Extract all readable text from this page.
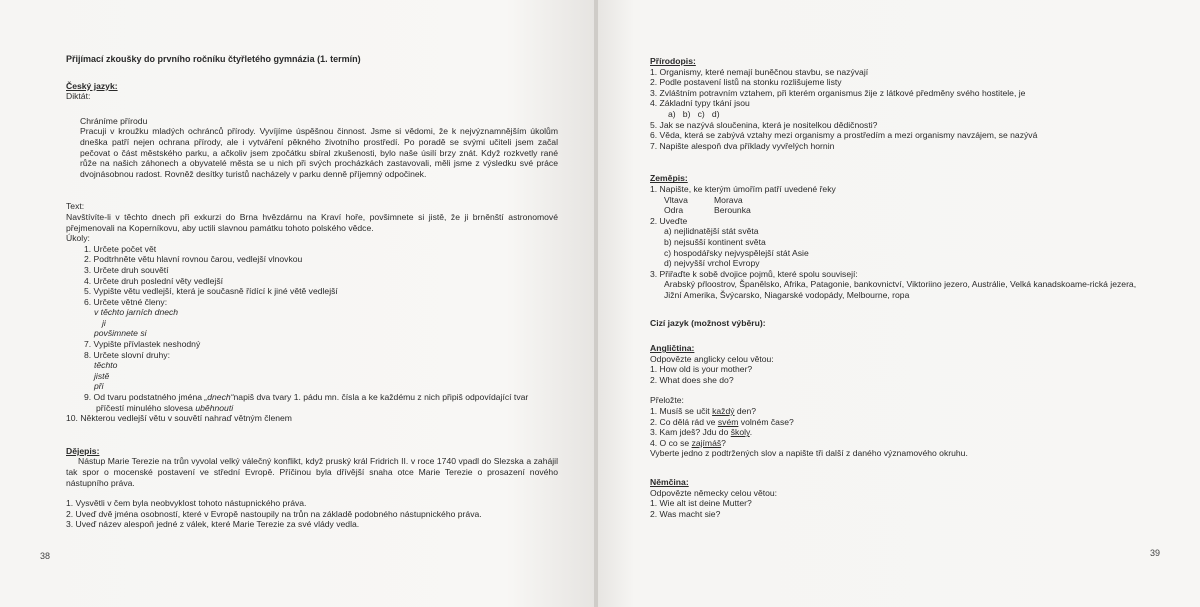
Přijímací zkoušky do prvního ročníku čtyřletého gymnázia (1. termín)

Český jazyk:

Diktát:

Chráníme přírodu

Pracuji v kroužku mladých ochránců přírody. Vyvíjíme úspěšnou činnost. Jsme si vědomi, že k nejvýznamnějším úkolům dneška patří nejen ochrana přírody, ale i vytváření pěkného životního prostředí. Po poradě se svými učiteli jsem začal pečovat o část městského parku, a ačkoliv jsem zpočátku sbíral zkušenosti, bylo naše úsilí brzy znát. Když rozkvetly rané růže na našich záhonech a obyvatelé města se u nich při svých procházkách zastavovali, měli jsme z výsledku své práce dvojnásobnou radost. Rovněž desítky turistů nacházely v parku denně příjemný odpočinek.

Text:

Navštívíte-li v těchto dnech při exkurzi do Brna hvězdárnu na Kraví hoře, povšimnete si jistě, že ji brněnští astronomové přejmenovali na Koperníkovu, aby uctili slavnou památku tohoto polského vědce.

Úkoly:

1. Určete počet vět

2. Podtrhněte větu hlavní rovnou čarou, vedlejší vlnovkou

3. Určete druh souvětí

4. Určete druh poslední věty vedlejší

5. Vypište větu vedlejší, která je současně řídící k jiné větě vedlejší

6. Určete větné členy:

v těchto jarních dnech

ji

povšimnete si

7. Vypište přívlastek neshodný

8. Určete slovní druhy:

těchto

jistě

při

9. Od tvaru podstatného jména „dnech“napiš dva tvary 1. pádu mn. čísla a ke každému z nich připiš odpovídající tvar

příčestí minulého slovesa uběhnouti

10. Některou vedlejší větu v souvětí nahraď větným členem

Dějepis:

Nástup Marie Terezie na trůn vyvolal velký válečný konflikt, když pruský král Fridrich II. v roce 1740 vpadl do Slezska a zahájil tak spor o mocenské postavení ve střední Evropě. Příčinou byla dřívější snaha otce Marie Terezie o prosazení nového nástupního práva.

1. Vysvětli v čem byla neobvyklost tohoto nástupnického práva.

2. Uveď dvě jména osobností, které v Evropě nastoupily na trůn na základě podobného nástupnického práva.

3. Uveď název alespoň jedné z válek, které Marie Terezie za své vlády vedla.

38

Přírodopis:

1. Organismy, které nemají buněčnou stavbu, se nazývají

2. Podle postavení listů na stonku rozlišujeme listy

3. Zvláštním potravním vztahem, při kterém organismus žije z látkové předměny svého hostitele, je

4. Základní typy tkání jsou

a)   b)   c)   d)

5. Jak se nazývá sloučenina, která je nositelkou dědičnosti?

6. Věda, která se zabývá vztahy mezi organismy a prostředím a mezi organismy navzájem, se nazývá

7. Napište alespoň dva příklady vyvřelých hornin

Zeměpis:

1. Napište, ke kterým úmořím patří uvedené řeky

Vltava	Morava

Odra	Berounka

2. Uveďte

a) nejlidnatější stát světa

b) nejsušší kontinent světa

c) hospodářsky nejvyspělejší stát Asie

d) nejvyšší vrchol Evropy

3. Přiřaďte k sobě dvojice pojmů, které spolu souvisejí:

Arabský pŕloostrov, Španělsko, Afrika, Patagonie, bankovnictví, Viktoriino jezero, Austrálie, Velká kanadskoame-rická jezera, Jižní Amerika, Švýcarsko, Niagarské vodopády, Melbourne, ropa

Cizí jazyk (možnost výběru):

Angličtina:

Odpovězte anglicky celou větou:

1. How old is your mother?

2. What does she do?

Přeložte:

1. Musíš se učit každý den?

2. Co dělá rád ve svém volném čase?

3. Kam jdeš? Jdu do školy.

4. O co se zajímáš?

Vyberte jedno z podtržených slov a napište tři další z daného významového okruhu.

Němčina:

Odpovězte německy celou větou:

1. Wie alt ist deine Mutter?

2. Was macht sie?

39
